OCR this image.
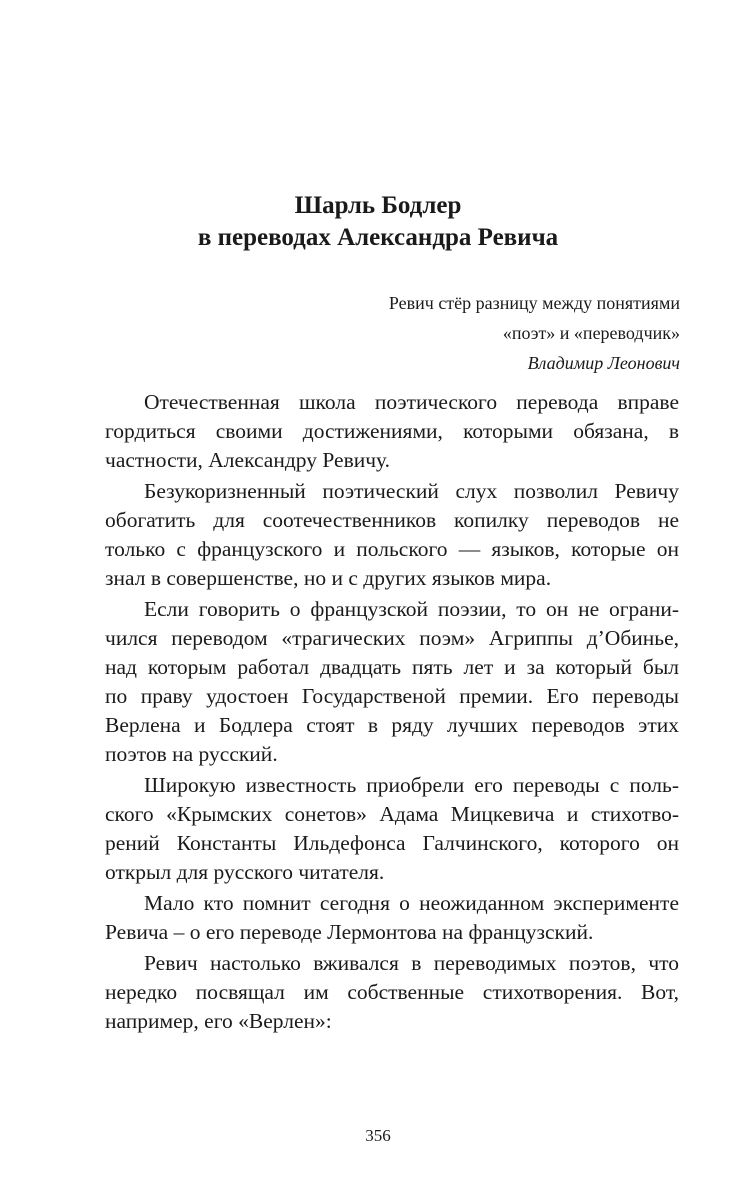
Шарль Бодлер
в переводах Александра Ревича
Ревич стёр разницу между понятиями
«поэт» и «переводчик»
Владимир Леонович
Отечественная школа поэтического перевода вправе
гордиться своими достижениями, которыми обязана, в
частности, Александру Ревичу.
Безукоризненный поэтический слух позволил Ревичу
обогатить для соотечественников копилку переводов не
только с французского и польского — языков, которые он
знал в совершенстве, но и с других языков мира.
Если говорить о французской поэзии, то он не ограни-
чился переводом «трагических поэм» Агриппы д’Обинье,
над которым работал двадцать пять лет и за который был
по праву удостоен Государственой премии. Его переводы
Верлена и Бодлера стоят в ряду лучших переводов этих
поэтов на русский.
Широкую известность приобрели его переводы с поль-
ского «Крымских сонетов» Адама Мицкевича и стихотво-
рений Константы Ильдефонса Галчинского, которого он
открыл для русского читателя.
Мало кто помнит сегодня о неожиданном эксперименте
Ревича – о его переводе Лермонтова на французский.
Ревич настолько вживался в переводимых поэтов, что
нередко посвящал им собственные стихотворения. Вот,
например, его «Верлен»:
356
